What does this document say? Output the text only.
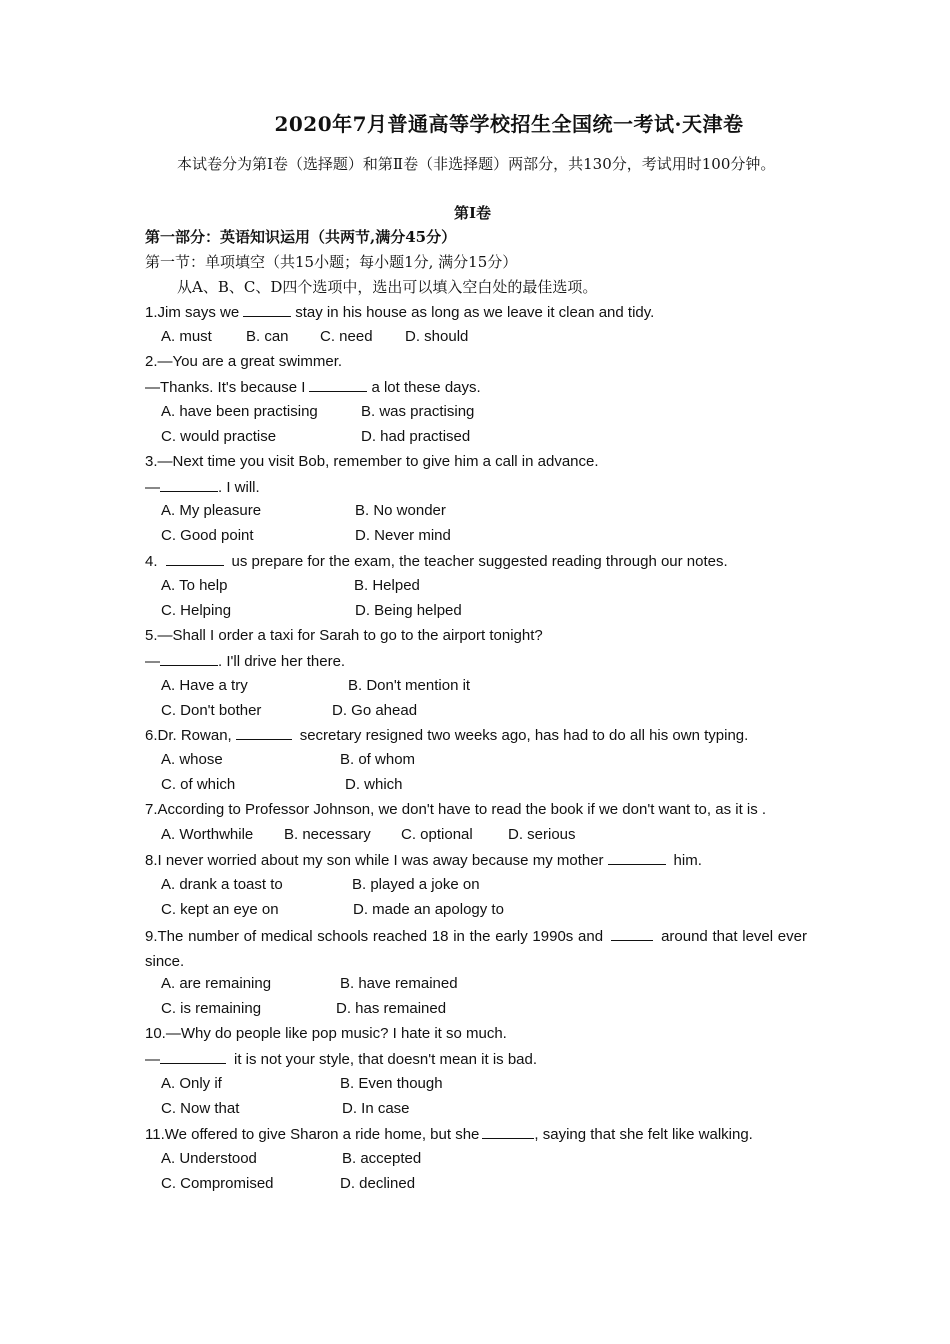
2020年7月普通高等学校招生全国统一考试·天津卷
本试卷分为第Ⅰ卷（选择题）和第Ⅱ卷（非选择题）两部分，共130分，考试用时100分钟。
第Ⅰ卷
第一部分：英语知识运用（共两节,满分45分）
第一节：单项填空（共15小题；每小题1分, 满分15分）
从A、B、C、D四个选项中，选出可以填入空白处的最佳选项。
1.Jim says we	stay in his house as long as we leave it clean and tidy.
A. must B. can C. need D. should
2.—You are a great swimmer.
—Thanks. It's because I	a lot these days.
A. have been practising	B. was practising
C. would practise	D. had practised
3.—Next time you visit Bob, remember to give him a call in advance.
—	. I will.
A. My pleasure	B. No wonder
C. Good point	D. Never mind
4.	us prepare for the exam, the teacher suggested reading through our notes.
A. To help	B. Helped
C. Helping	D. Being helped
5.—Shall I order a taxi for Sarah to go to the airport tonight?
—	. I'll drive her there.
A. Have a try	B. Don't mention it
C. Don't bother	D. Go ahead
6.Dr. Rowan,	secretary resigned two weeks ago, has had to do all his own typing.
A. whose	B. of whom
C. of which	D. which
7.According to Professor Johnson, we don't have to read the book if we don't want to, as it is .
A. Worthwhile B. necessary C. optional D. serious
8.I never worried about my son while I was away because my mother	him.
A. drank a toast to	B. played a joke on
C. kept an eye on	D. made an apology to
9.The number of medical schools reached 18 in the early 1990s and	around that level ever since.
A. are remaining	B. have remained
C. is remaining	D. has remained
10.—Why do people like pop music? I hate it so much.
—	it is not your style, that doesn't mean it is bad.
A. Only if	B. Even though
C. Now that	D. In case
11.We offered to give Sharon a ride home, but she	, saying that she felt like walking.
A. Understood	B. accepted
C. Compromised	D. declined
